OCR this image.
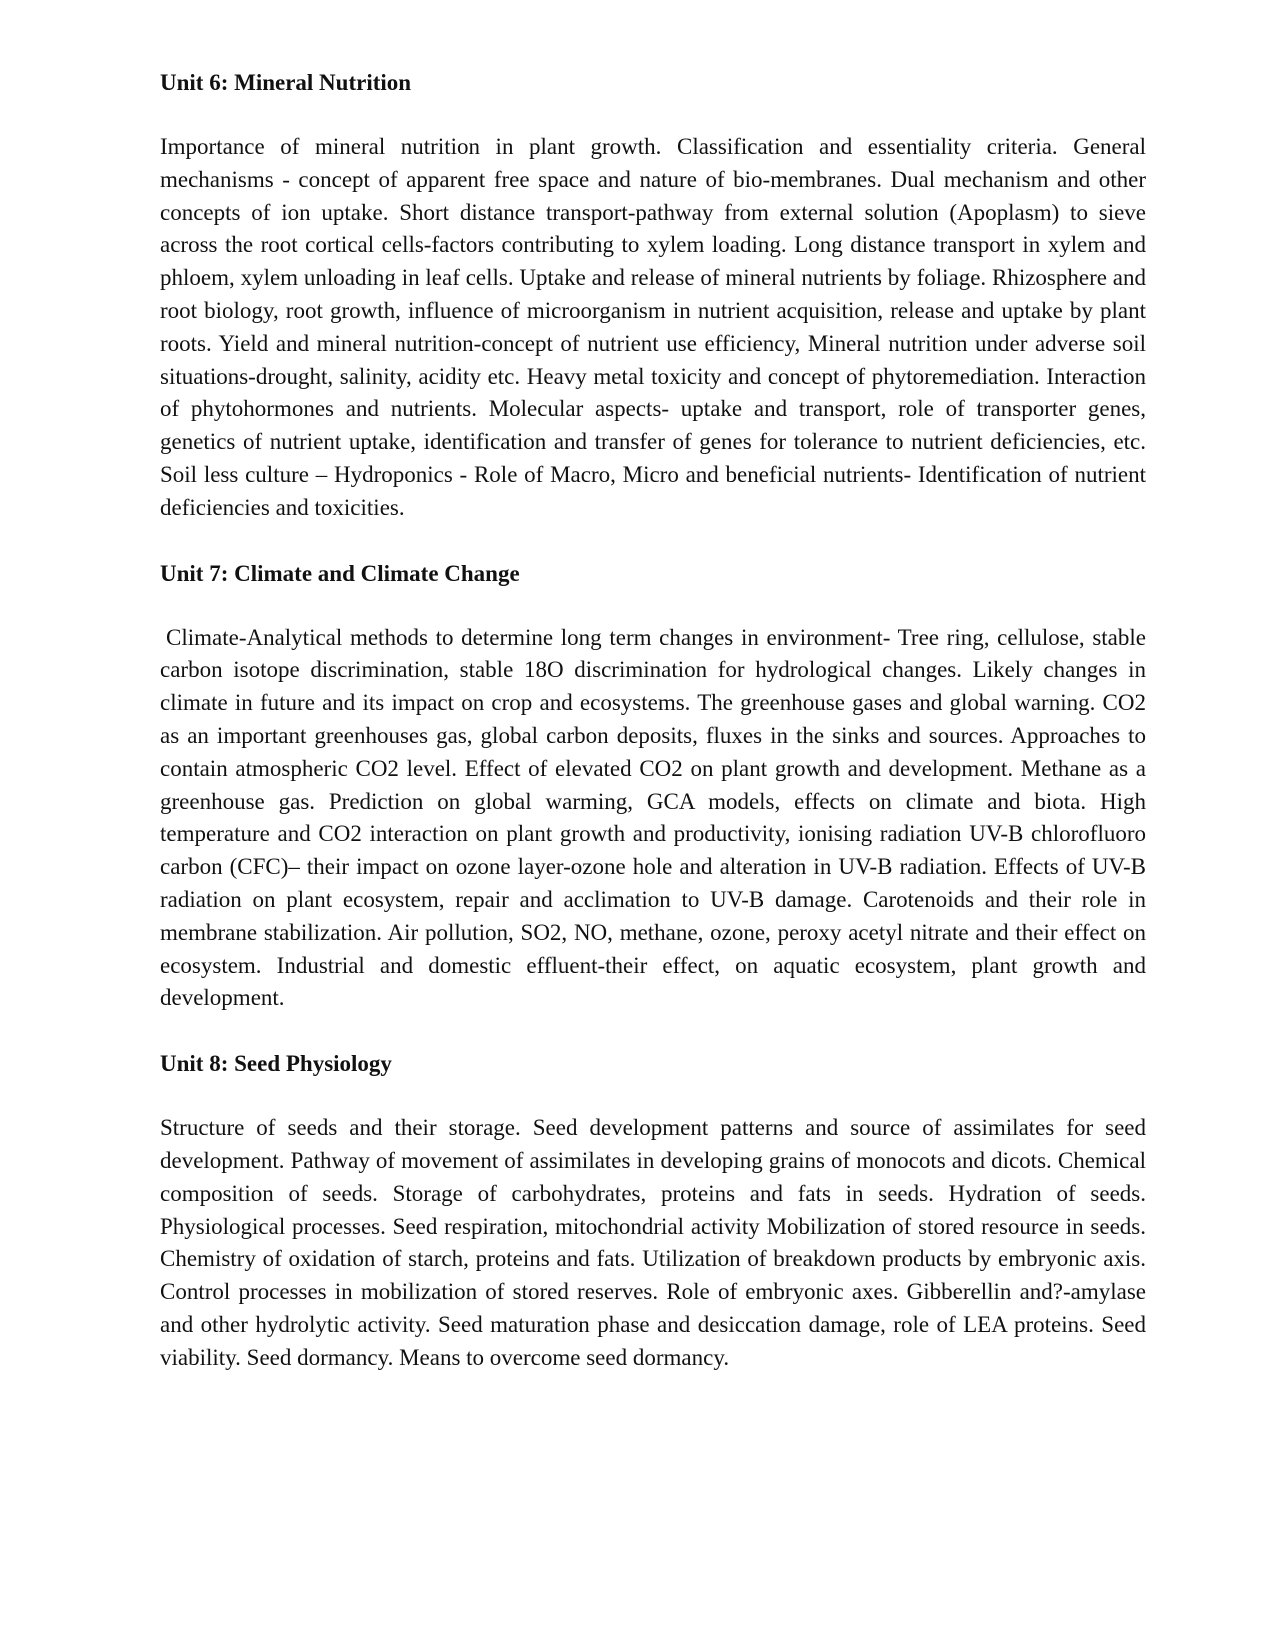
Unit 6: Mineral Nutrition

Importance of mineral nutrition in plant growth. Classification and essentiality criteria. General mechanisms - concept of apparent free space and nature of bio-membranes. Dual mechanism and other concepts of ion uptake. Short distance transport-pathway from external solution (Apoplasm) to sieve across the root cortical cells-factors contributing to xylem loading. Long distance transport in xylem and phloem, xylem unloading in leaf cells. Uptake and release of mineral nutrients by foliage. Rhizosphere and root biology, root growth, influence of microorganism in nutrient acquisition, release and uptake by plant roots. Yield and mineral nutrition-concept of nutrient use efficiency, Mineral nutrition under adverse soil situations-drought, salinity, acidity etc. Heavy metal toxicity and concept of phytoremediation. Interaction of phytohormones and nutrients. Molecular aspects- uptake and transport, role of transporter genes, genetics of nutrient uptake, identification and transfer of genes for tolerance to nutrient deficiencies, etc. Soil less culture – Hydroponics - Role of Macro, Micro and beneficial nutrients- Identification of nutrient deficiencies and toxicities.

Unit 7: Climate and Climate Change

Climate-Analytical methods to determine long term changes in environment- Tree ring, cellulose, stable carbon isotope discrimination, stable 18O discrimination for hydrological changes. Likely changes in climate in future and its impact on crop and ecosystems. The greenhouse gases and global warning. CO2 as an important greenhouses gas, global carbon deposits, fluxes in the sinks and sources. Approaches to contain atmospheric CO2 level. Effect of elevated CO2 on plant growth and development. Methane as a greenhouse gas. Prediction on global warming, GCA models, effects on climate and biota. High temperature and CO2 interaction on plant growth and productivity, ionising radiation UV-B chlorofluoro carbon (CFC)– their impact on ozone layer-ozone hole and alteration in UV-B radiation. Effects of UV-B radiation on plant ecosystem, repair and acclimation to UV-B damage. Carotenoids and their role in membrane stabilization. Air pollution, SO2, NO, methane, ozone, peroxy acetyl nitrate and their effect on ecosystem. Industrial and domestic effluent-their effect, on aquatic ecosystem, plant growth and development.

Unit 8: Seed Physiology

Structure of seeds and their storage. Seed development patterns and source of assimilates for seed development. Pathway of movement of assimilates in developing grains of monocots and dicots. Chemical composition of seeds. Storage of carbohydrates, proteins and fats in seeds. Hydration of seeds. Physiological processes. Seed respiration, mitochondrial activity Mobilization of stored resource in seeds. Chemistry of oxidation of starch, proteins and fats. Utilization of breakdown products by embryonic axis. Control processes in mobilization of stored reserves. Role of embryonic axes. Gibberellin and?-amylase and other hydrolytic activity. Seed maturation phase and desiccation damage, role of LEA proteins. Seed viability. Seed dormancy. Means to overcome seed dormancy.
